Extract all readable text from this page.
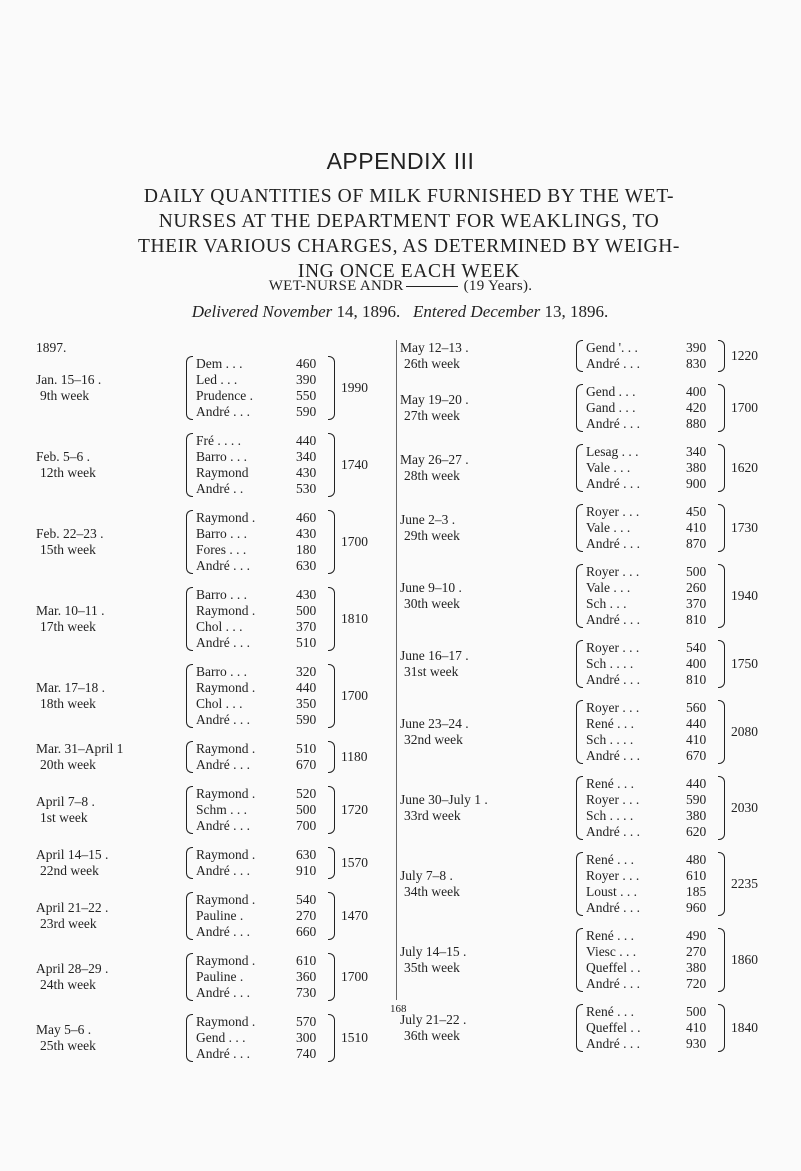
APPENDIX III
DAILY QUANTITIES OF MILK FURNISHED BY THE WET-
NURSES AT THE DEPARTMENT FOR WEAKLINGS, TO
THEIR VARIOUS CHARGES, AS DETERMINED BY WEIGH-
ING ONCE EACH WEEK
WET-NURSE ANDR	(19 Years).
Delivered November 14, 1896. Entered December 13, 1896.
1897.
Jan. 15–16 .
9th week
Dem . . .	460
Led . . .	390
Prudence .	550
André . . .	590
1990
Feb. 5–6 .
12th week
Fré . . . .	440
Barro . . .	340
Raymond	430
André . .	530
1740
Feb. 22–23 .
15th week
Raymond .	460
Barro . . .	430
Fores . . .	180
André . . .	630
1700
Mar. 10–11 .
17th week
Barro . . .	430
Raymond .	500
Chol . . .	370
André . . .	510
1810
Mar. 17–18 .
18th week
Barro . . .	320
Raymond .	440
Chol . . .	350
André . . .	590
1700
Mar. 31–April 1
20th week
Raymond .	510
André . . .	670
1180
April 7–8 .
1st week
Raymond .	520
Schm . . .	500
André . . .	700
1720
April 14–15 .
22nd week
Raymond .	630
André . . .	910
1570
April 21–22 .
23rd week
Raymond .	540
Pauline .	270
André . . .	660
1470
April 28–29 .
24th week
Raymond .	610
Pauline .	360
André . . .	730
1700
May 5–6 .
25th week
Raymond .	570
Gend . . .	300
André . . .	740
1510
May 12–13 .
26th week
Gend '. . .	390
André . . .	830
1220
May 19–20 .
27th week
Gend . . .	400
Gand . . .	420
André . . .	880
1700
May 26–27 .
28th week
Lesag . . .	340
Vale . . .	380
André . . .	900
1620
June 2–3 .
29th week
Royer . . .	450
Vale . . .	410
André . . .	870
1730
June 9–10 .
30th week
Royer . . .	500
Vale . . .	260
Sch . . .	370
André . . .	810
1940
June 16–17 .
31st week
Royer . . .	540
Sch . . . .	400
André . . .	810
1750
June 23–24 .
32nd week
Royer . . .	560
René . . .	440
Sch . . . .	410
André . . .	670
2080
June 30–July 1 .
33rd week
René . . .	440
Royer . . .	590
Sch . . . .	380
André . . .	620
2030
July 7–8 .
34th week
René . . .	480
Royer . . .	610
Loust . . .	185
André . . .	960
2235
July 14–15 .
35th week
René . . .	490
Viesc . . .	270
Queffel . .	380
André . . .	720
1860
July 21–22 .
36th week
René . . .	500
Queffel . .	410
André . . .	930
1840
168
